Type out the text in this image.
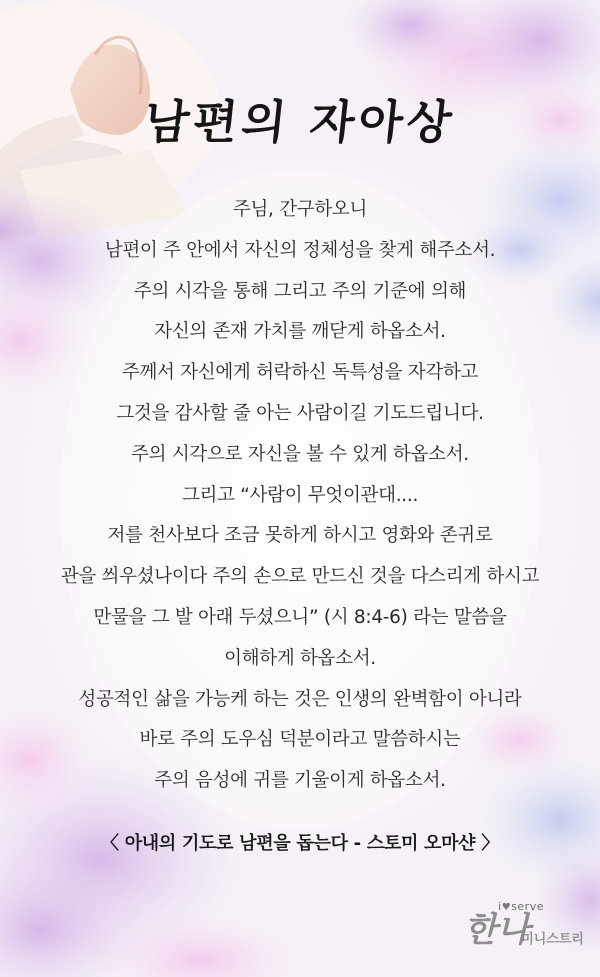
남편의 자아상
주님, 간구하오니
남편이 주 안에서 자신의 정체성을 찾게 해주소서.
주의 시각을 통해 그리고 주의 기준에 의해
자신의 존재 가치를 깨닫게 하옵소서.
주께서 자신에게 허락하신 독특성을 자각하고
그것을 감사할 줄 아는 사람이길 기도드립니다.
주의 시각으로 자신을 볼 수 있게 하옵소서.
그리고 “사람이 무엇이관대....
저를 천사보다 조금 못하게 하시고 영화와 존귀로
관을 씌우셨나이다 주의 손으로 만드신 것을 다스리게 하시고
만물을 그 발 아래 두셨으니” (시 8:4-6) 라는 말씀을
이해하게 하옵소서.
성공적인 삶을 가능케 하는 것은 인생의 완벽함이 아니라
바로 주의 도우심 덕분이라고 말씀하시는
주의 음성에 귀를 기울이게 하옵소서.
〈 아내의 기도로 남편을 돕는다 - 스토미 오마샨 〉
i♥serve
한나
미니스트리
